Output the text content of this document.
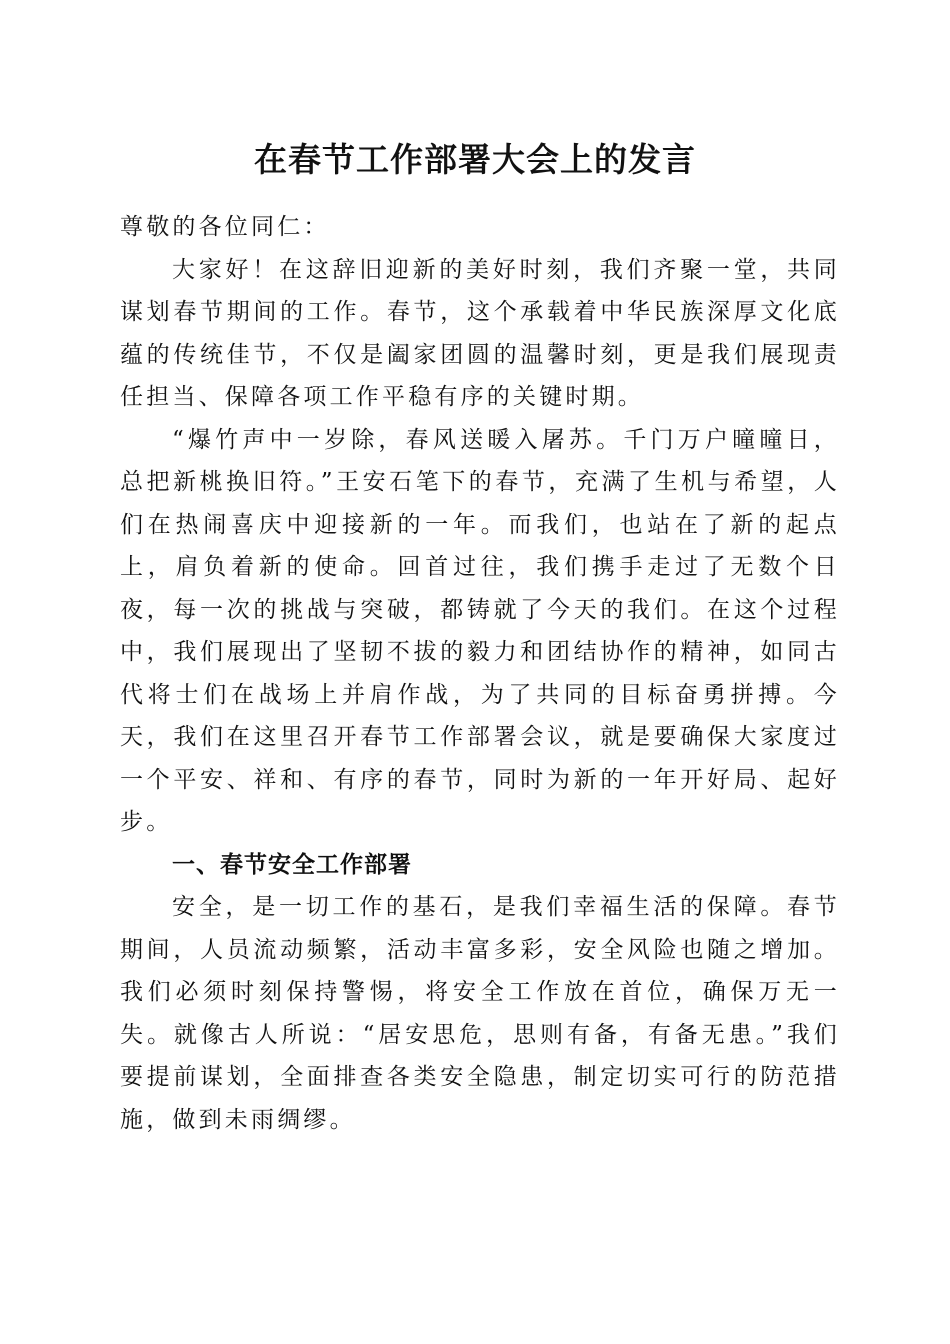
在春节工作部署大会上的发言

尊敬的各位同仁：

大家好！在这辞旧迎新的美好时刻，我们齐聚一堂，共同谋划春节期间的工作。春节，这个承载着中华民族深厚文化底蕴的传统佳节，不仅是阖家团圆的温馨时刻，更是我们展现责任担当、保障各项工作平稳有序的关键时期。

“爆竹声中一岁除，春风送暖入屠苏。千门万户曈曈日，总把新桃换旧符。”王安石笔下的春节，充满了生机与希望，人们在热闹喜庆中迎接新的一年。而我们，也站在了新的起点上，肩负着新的使命。回首过往，我们携手走过了无数个日夜，每一次的挑战与突破，都铸就了今天的我们。在这个过程中，我们展现出了坚韧不拔的毅力和团结协作的精神，如同古代将士们在战场上并肩作战，为了共同的目标奋勇拼搏。今天，我们在这里召开春节工作部署会议，就是要确保大家度过一个平安、祥和、有序的春节，同时为新的一年开好局、起好步。

一、春节安全工作部署

安全，是一切工作的基石，是我们幸福生活的保障。春节期间，人员流动频繁，活动丰富多彩，安全风险也随之增加。我们必须时刻保持警惕，将安全工作放在首位，确保万无一失。就像古人所说：“居安思危，思则有备，有备无患。”我们要提前谋划，全面排查各类安全隐患，制定切实可行的防范措施，做到未雨绸缪。
